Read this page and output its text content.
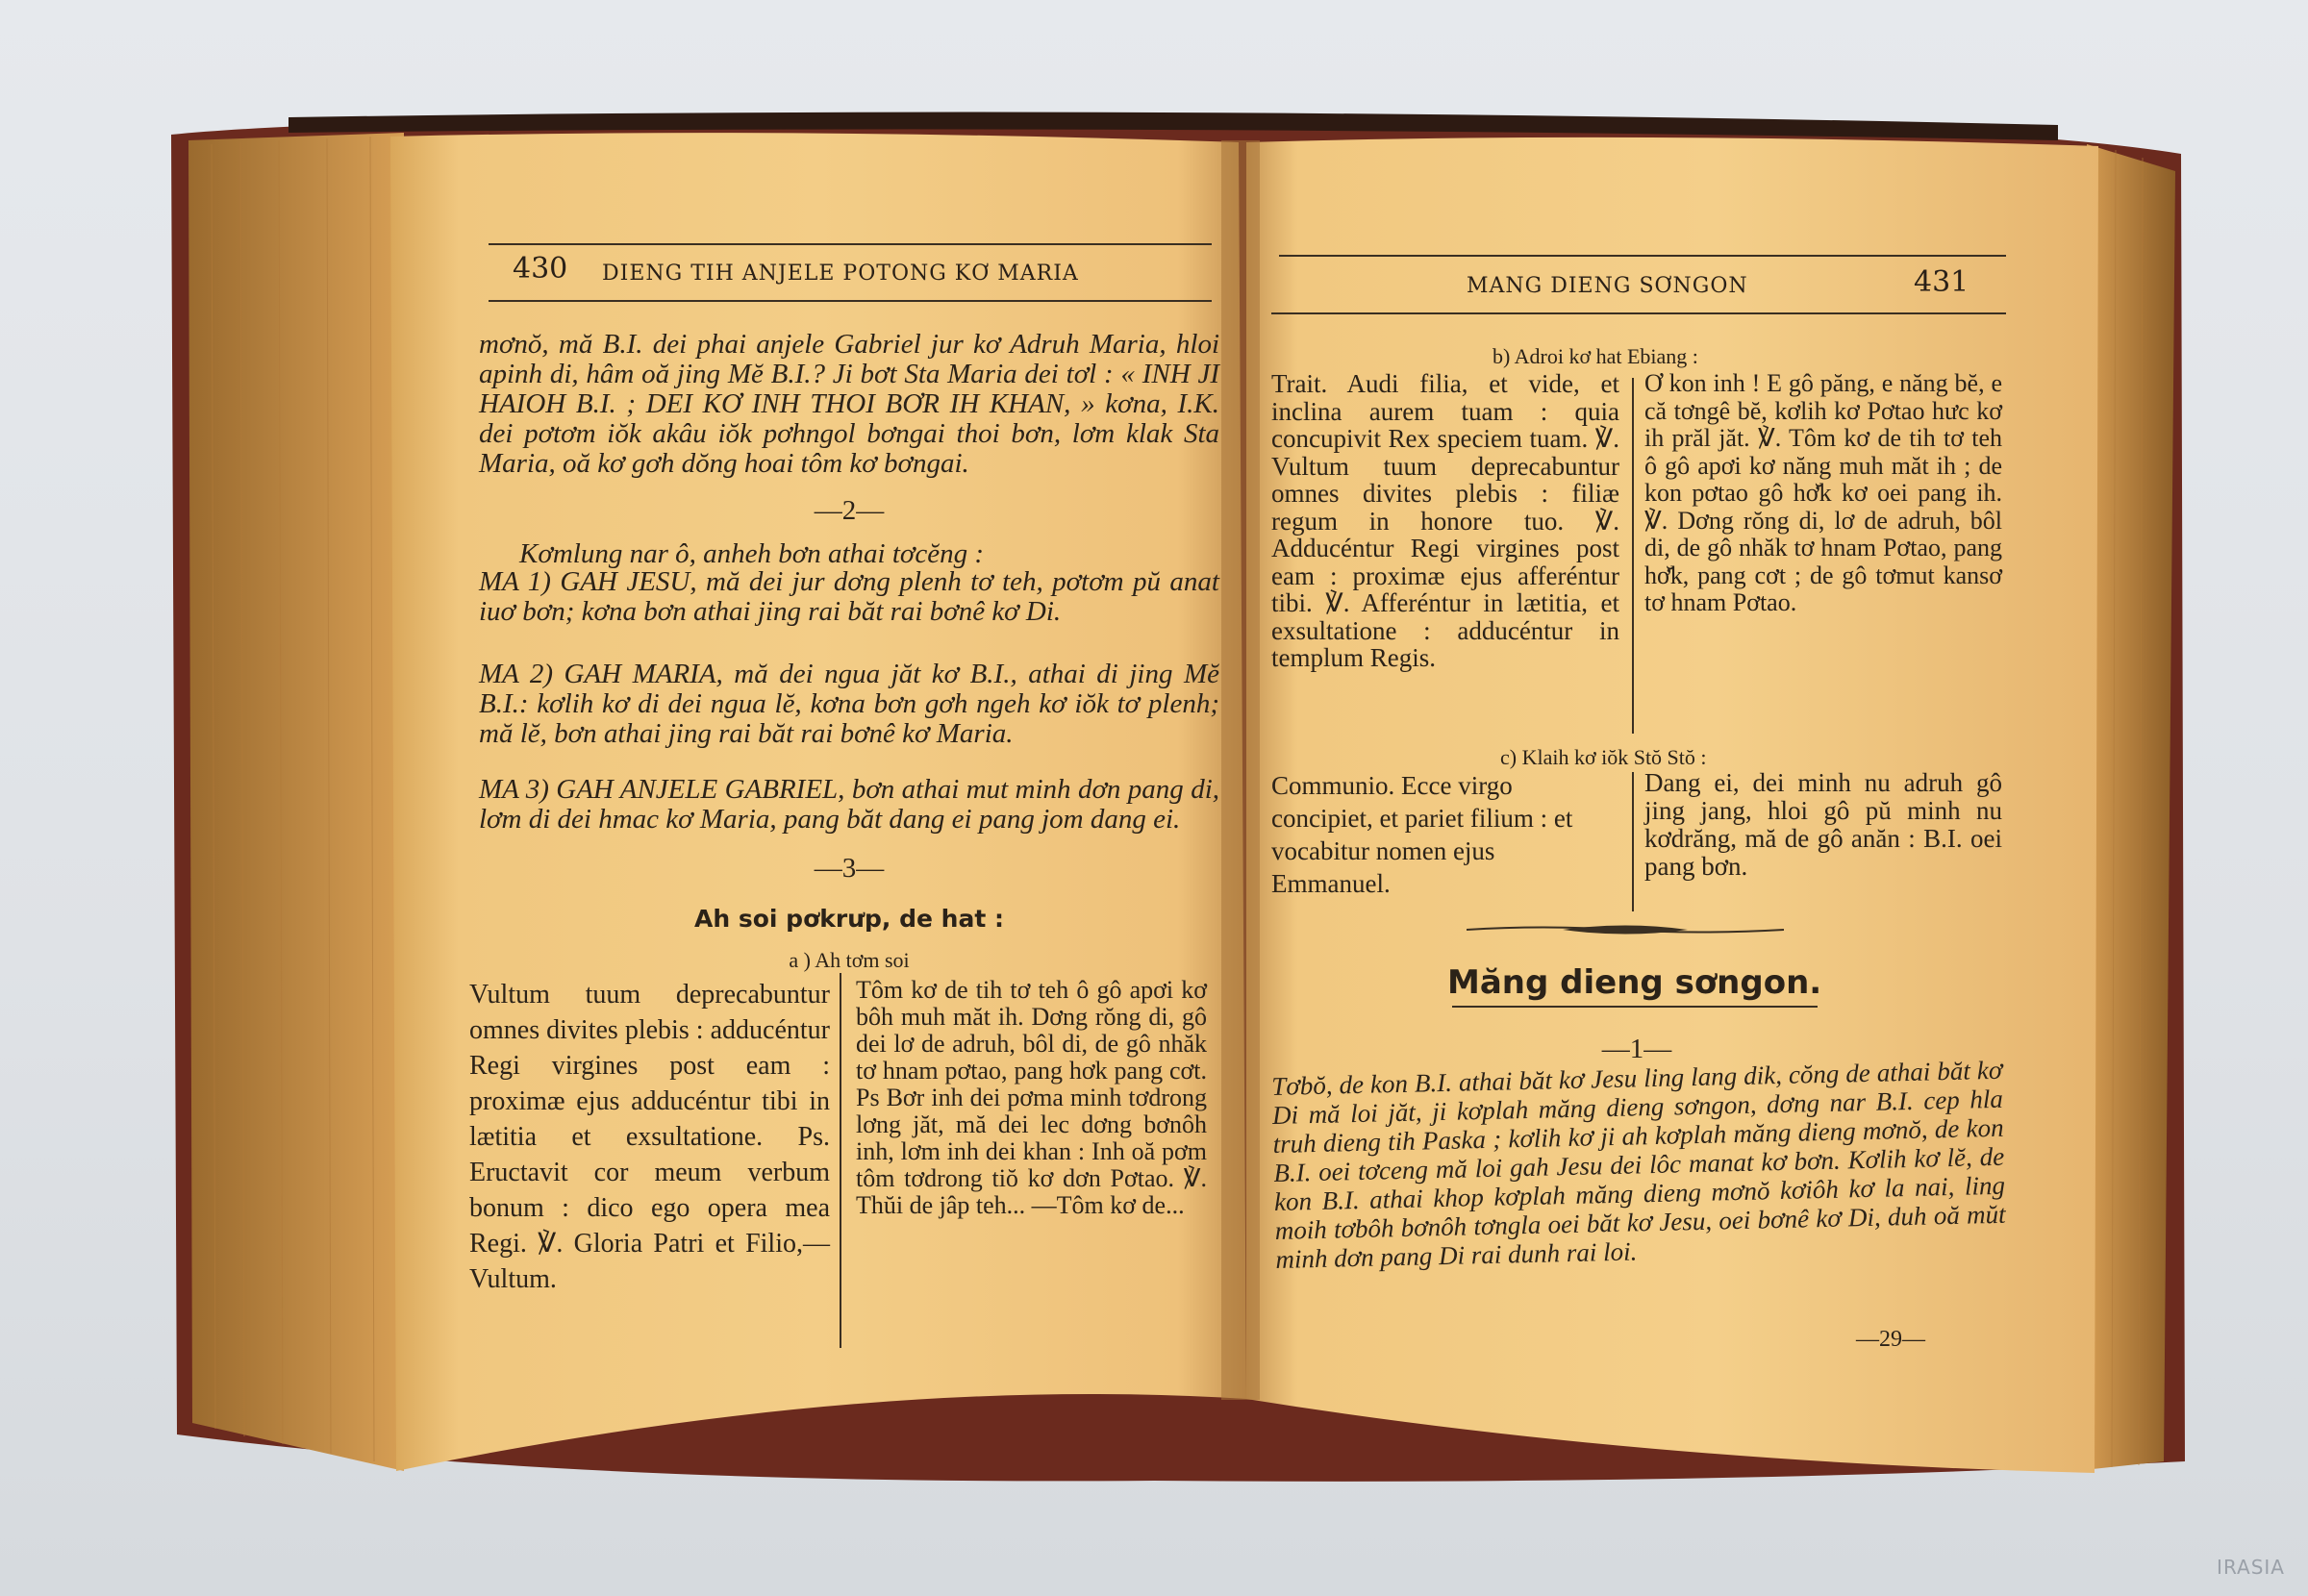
430 DIENG TIH ANJELE POTONG KƠ MARIA
mơnŏ, mă B.I. dei phai anjele Gabriel jur kơ Adruh Maria, hloi apinh di, hâm oă jing Mĕ B.I.? Ji bơt Sta Maria dei tơl : « INH JI HAIOH B.I. ; DEI KƠ INH THOI BƠR IH KHAN, » kơna, I.K. dei pơtơm iŏk akâu iŏk pơhngol bơngai thoi bơn, lơm klak Sta Maria, oă kơ gơh dŏng hoai tôm kơ bơngai.
—2—
Kơmlung nar ô, anheh bơn athai tơcĕng :
MA 1) GAH JESU, mă dei jur dơng plenh tơ teh, pơtơm pŭ anat iuơ bơn; kơna bơn athai jing rai băt rai bơnê kơ Di.
MA 2) GAH MARIA, mă dei ngua jăt kơ B.I., athai di jing Mĕ B.I.: kơlih kơ di dei ngua lĕ, kơna bơn gơh ngeh kơ iŏk tơ plenh; mă lĕ, bơn athai jing rai băt rai bơnê kơ Maria.
MA 3) GAH ANJELE GABRIEL, bơn athai mut minh dơn pang di, lơm di dei hmac kơ Maria, pang băt dang ei pang jom dang ei.
—3—
Ah soi pơkrưp, de hat :
a ) Ah tơm soi
Vultum tuum deprecabuntur omnes divites plebis : adducéntur Regi virgines post eam : proximæ ejus adducéntur tibi in lætitia et exsultatione. Ps. Eructavit cor meum verbum bonum : dico ego opera mea Regi. ℣. Gloria Patri et Filio,—Vultum.
Tôm kơ de tih tơ teh ô gô apơi kơ bôh muh măt ih. Dơng rŏng di, gô dei lơ de adruh, bôl di, de gô nhăk tơ hnam pơtao, pang hơk pang cơt. Ps Bơr inh dei pơma minh tơdrong lơng jăt, mă dei lec dơng bơnôh inh, lơm inh dei khan : Inh oă pơm tôm tơdrong tiŏ kơ dơn Pơtao. ℣. Thŭi de jâp teh... —Tôm kơ de...
MANG DIENG SƠNGON	431
b) Adroi kơ hat Ebiang :
Trait. Audi filia, et vide, et inclina aurem tuam : quia concupivit Rex speciem tuam. ℣. Vultum tuum deprecabuntur omnes divites plebis : filiæ regum in honore tuo. ℣. Adducéntur Regi virgines post eam : proximæ ejus afferéntur tibi. ℣. Afferéntur in lætitia, et exsultatione : adducéntur in templum Regis.
Ơ kon inh ! E gô păng, e năng bĕ, e că tơngê bĕ, kơlih kơ Pơtao hưc kơ ih prăl jăt. ℣. Tôm kơ de tih tơ teh ô gô apơi kơ năng muh măt ih ; de kon pơtao gô hơ̆k kơ oei pang ih. ℣. Dơng rŏng di, lơ de adruh, bôl di, de gô nhăk tơ hnam Pơtao, pang hơ̆k, pang cơt ; de gô tơmut kansơ tơ hnam Pơtao.
c) Klaih kơ iŏk Stŏ Stŏ :
Communio. Ecce virgo concipiet, et pariet filium : et vocabitur nomen ejus Emmanuel.
Dang ei, dei minh nu adruh gô jing jang, hloi gô pŭ minh nu kơdrăng, mă de gô anăn : B.I. oei pang bơn.
Măng dieng sơngon.
—1—
Tơbŏ, de kon B.I. athai băt kơ Jesu ling lang dik, cŏng de athai băt kơ Di mă loi jăt, ji kơplah măng dieng sơngon, dơng nar B.I. cep hla truh dieng tih Paska ; kơlih kơ ji ah kơplah măng dieng mơnŏ, de kon B.I. oei tơceng mă loi gah Jesu dei lôc manat kơ bơn. Kơlih kơ lĕ, de kon B.I. athai khop kơplah măng dieng mơnŏ kơiôh kơ la nai, ling moih tơbôh bơnôh tơngla oei băt kơ Jesu, oei bơnê kơ Di, duh oă mŭt minh dơn pang Di rai dunh rai loi.
—29—
IRASIA
